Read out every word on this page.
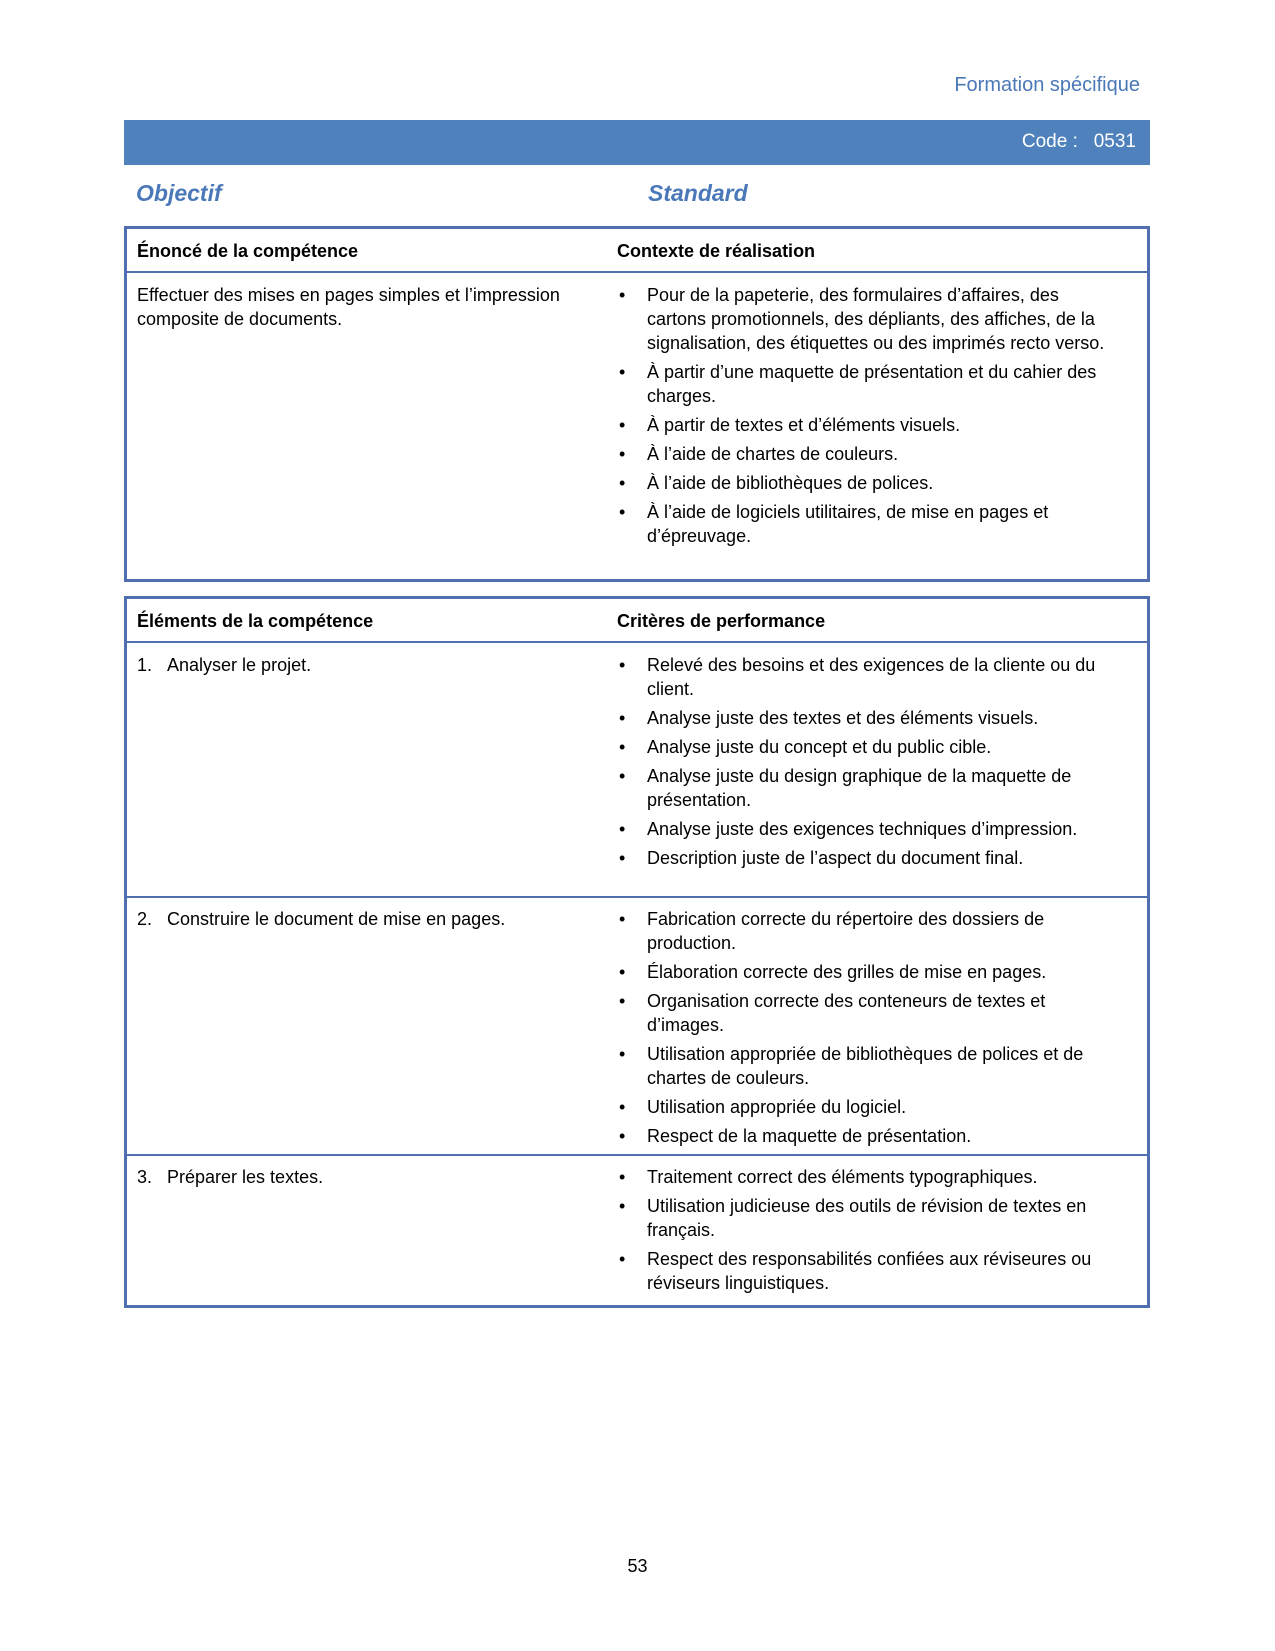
Formation spécifique
Code : 0531
Objectif	Standard
Énoncé de la compétence	Contexte de réalisation
Effectuer des mises en pages simples et l’impression composite de documents.
• Pour de la papeterie, des formulaires d’affaires, des cartons promotionnels, des dépliants, des affiches, de la signalisation, des étiquettes ou des imprimés recto verso.
• À partir d’une maquette de présentation et du cahier des charges.
• À partir de textes et d’éléments visuels.
• À l’aide de chartes de couleurs.
• À l’aide de bibliothèques de polices.
• À l’aide de logiciels utilitaires, de mise en pages et d’épreuvage.
Éléments de la compétence	Critères de performance
1.   Analyser le projet.	• Relevé des besoins et des exigences de la cliente ou du client.
• Analyse juste des textes et des éléments visuels.
• Analyse juste du concept et du public cible.
• Analyse juste du design graphique de la maquette de présentation.
• Analyse juste des exigences techniques d’impression.
• Description juste de l’aspect du document final.
2.   Construire le document de mise en pages.	• Fabrication correcte du répertoire des dossiers de production.
• Élaboration correcte des grilles de mise en pages.
• Organisation correcte des conteneurs de textes et d’images.
• Utilisation appropriée de bibliothèques de polices et de chartes de couleurs.
• Utilisation appropriée du logiciel.
• Respect de la maquette de présentation.
3.   Préparer les textes.	• Traitement correct des éléments typographiques.
• Utilisation judicieuse des outils de révision de textes en français.
• Respect des responsabilités confiées aux réviseures ou réviseurs linguistiques.
53
